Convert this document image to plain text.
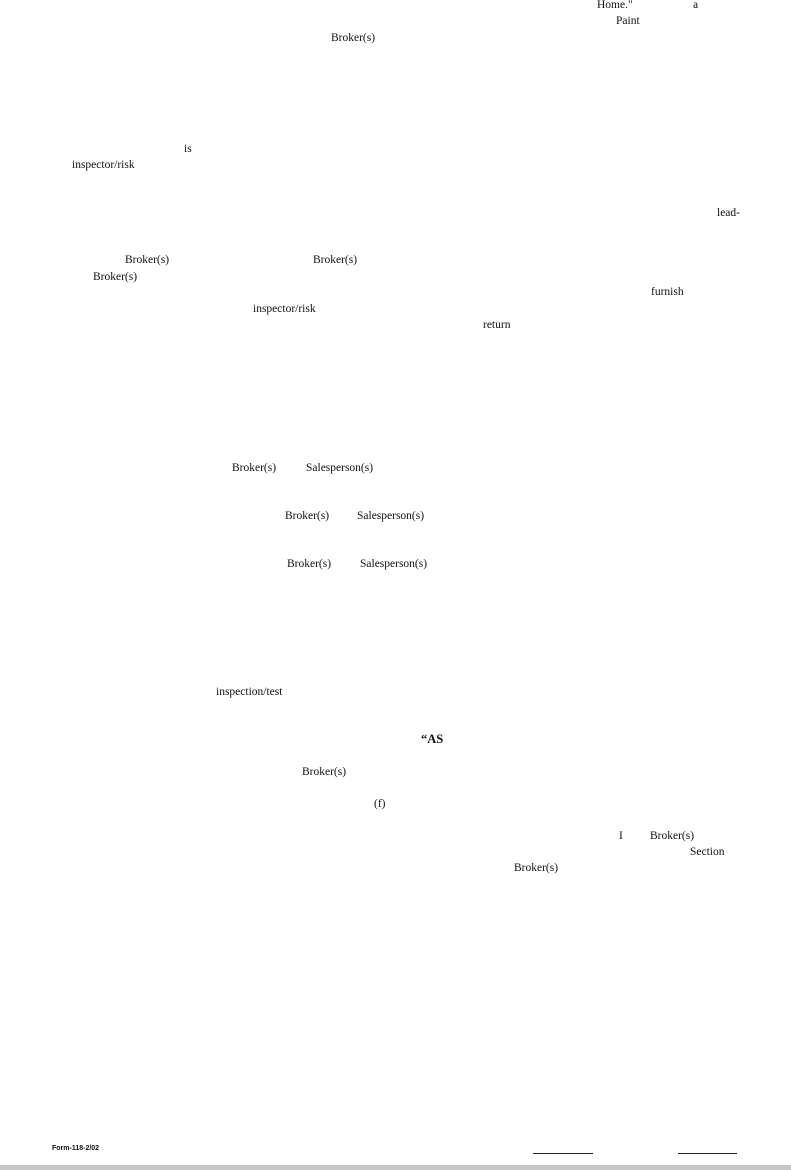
Home."	a
Paint
Broker(s)
is
inspector/risk
lead-
Broker(s)	Broker(s)
Broker(s)
furnish
inspector/risk
return
Broker(s)	Salesperson(s)
Broker(s) Salesperson(s)
Broker(s)	Salesperson(s)
inspection/test
“AS
Broker(s)
(f)
I Broker(s)
Section
Broker(s)
Form-118-2/02
